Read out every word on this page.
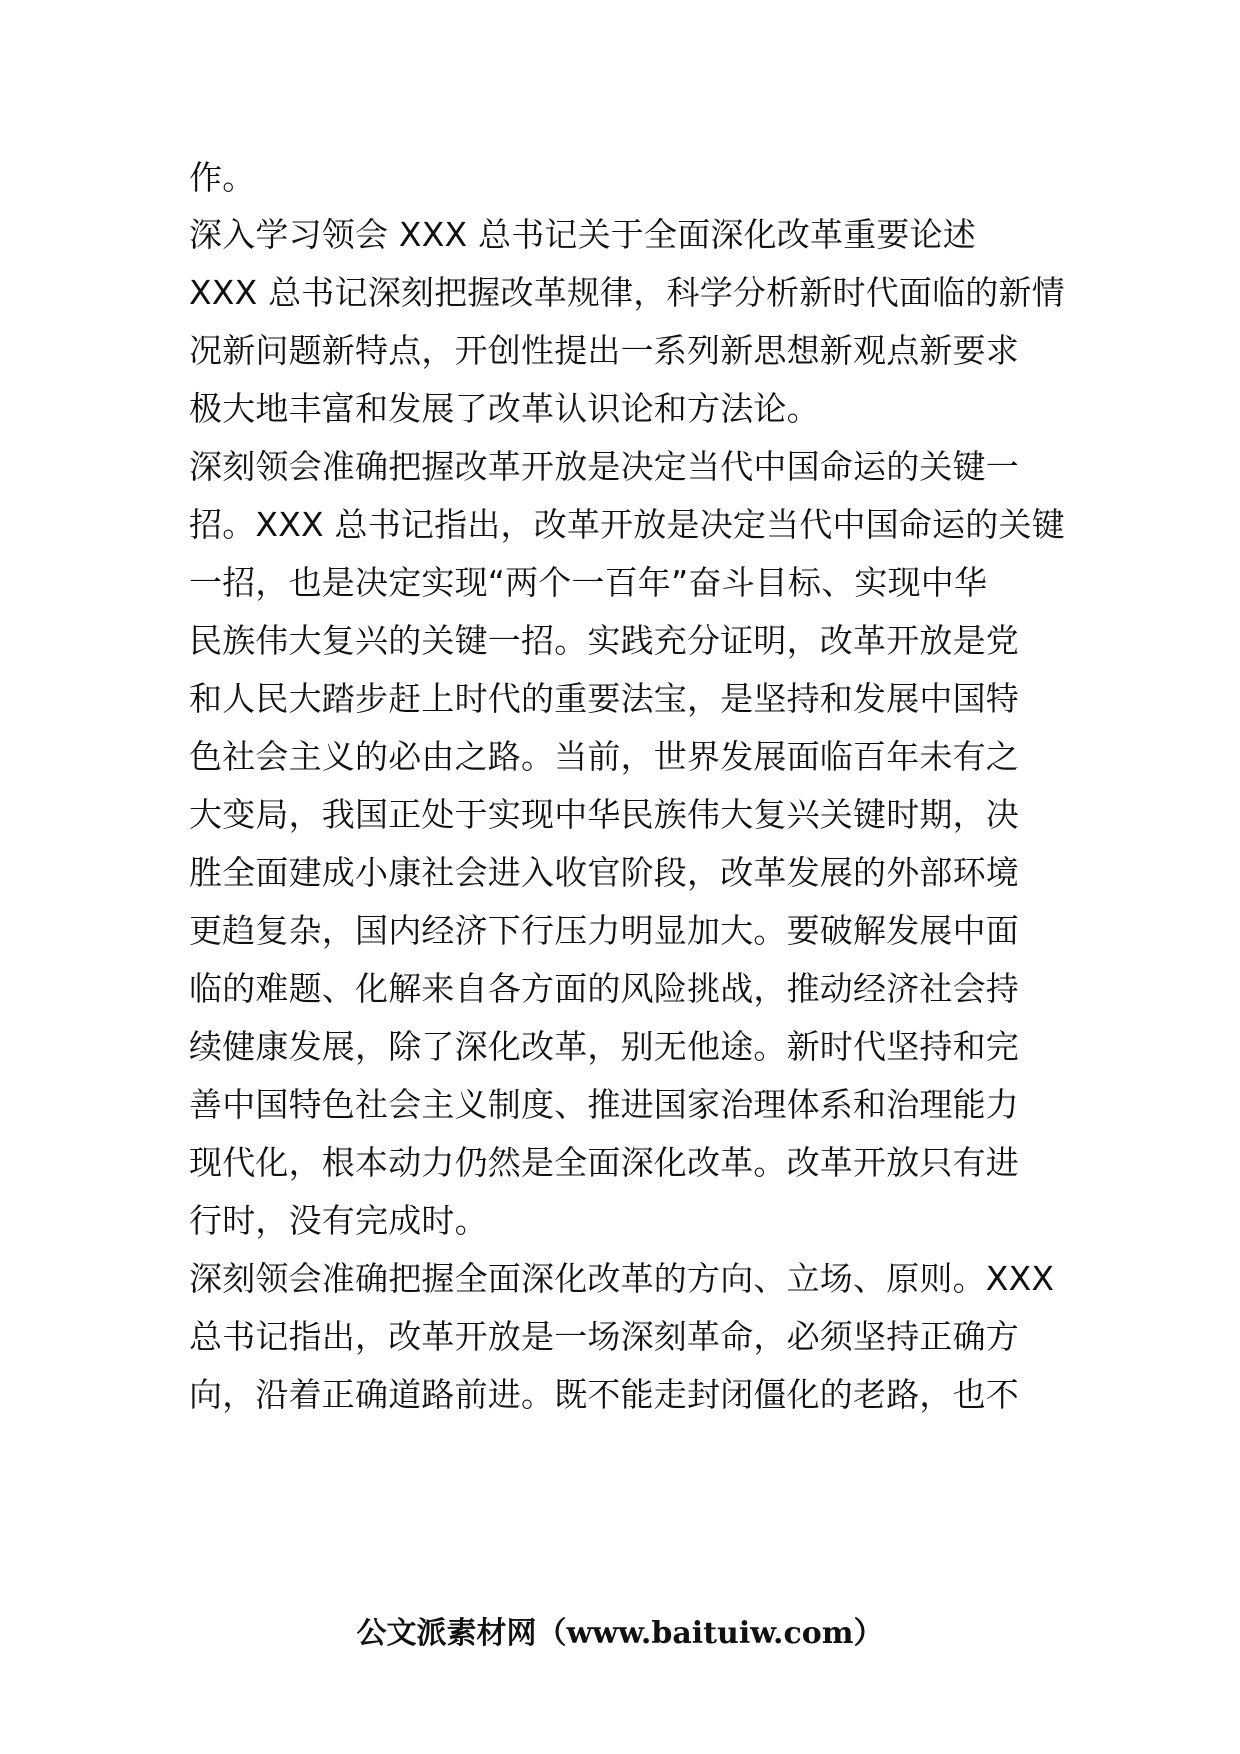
作。
深入学习领会 XXX 总书记关于全面深化改革重要论述
XXX 总书记深刻把握改革规律，科学分析新时代面临的新情
况新问题新特点，开创性提出一系列新思想新观点新要求
极大地丰富和发展了改革认识论和方法论。
深刻领会准确把握改革开放是决定当代中国命运的关键一
招。XXX 总书记指出，改革开放是决定当代中国命运的关键
一招，也是决定实现“两个一百年”奋斗目标、实现中华
民族伟大复兴的关键一招。实践充分证明，改革开放是党
和人民大踏步赶上时代的重要法宝，是坚持和发展中国特
色社会主义的必由之路。当前，世界发展面临百年未有之
大变局，我国正处于实现中华民族伟大复兴关键时期，决
胜全面建成小康社会进入收官阶段，改革发展的外部环境
更趋复杂，国内经济下行压力明显加大。要破解发展中面
临的难题、化解来自各方面的风险挑战，推动经济社会持
续健康发展，除了深化改革，别无他途。新时代坚持和完
善中国特色社会主义制度、推进国家治理体系和治理能力
现代化，根本动力仍然是全面深化改革。改革开放只有进
行时，没有完成时。
深刻领会准确把握全面深化改革的方向、立场、原则。XXX
总书记指出，改革开放是一场深刻革命，必须坚持正确方
向，沿着正确道路前进。既不能走封闭僵化的老路，也不
公文派素材网（www.baituiw.com）
